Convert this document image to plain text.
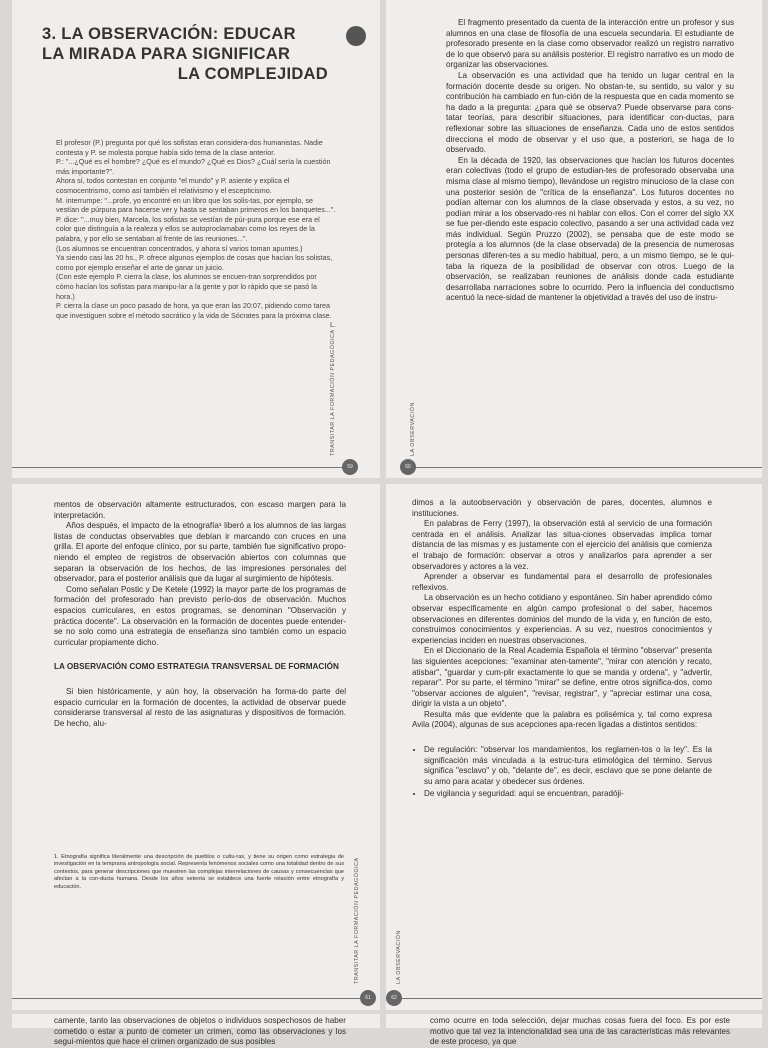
3. LA OBSERVACIÓN: EDUCAR
LA MIRADA PARA SIGNIFICAR
LA COMPLEJIDAD

El profesor (P.) pregunta por qué los sofistas eran considera-dos humanistas. Nadie contesta y P. se molesta porque había sido tema de la clase anterior.

P.: "...¿Qué es el hombre? ¿Qué es el mundo? ¿Qué es Dios? ¿Cuál sería la cuestión más importante?".

Ahora sí, todos contestan en conjunto "el mundo" y P. asiente y explica el cosmocentrismo, como así también el relativismo y el escepticismo.

M. interrumpe: "...profe, yo encontré en un libro que los solis-tas, por ejemplo, se vestían de púrpura para hacerse ver y hasta se sentaban primeros en los banquetes...".

P. dice: "...muy bien, Marcela, los sofistas se vestían de púr-pura porque ese era el color que distinguía a la realeza y ellos se autoproclamaban como los reyes de la palabra, y por ello se sentaban al frente de las reuniones...".

(Los alumnos se encuentran concentrados, y ahora sí varios toman apuntes.)

Ya siendo casi las 20 hs., P. ofrece algunos ejemplos de cosas que hacían los solistas, como por ejemplo enseñar el arte de ganar un juicio.

(Con este ejemplo P. cierra la clase, los alumnos se encuen-tran sorprendidos por cómo hacían los sofistas para manipu-lar a la gente y por lo rápido que se pasó la hora.)

P. cierra la clase un poco pasado de hora, ya que eran las 20:07, pidiendo como tarea que investiguen sobre el método socrático y la vida de Sócrates para la próxima clase.

L.

TRANSITAR LA FORMACIÓN PEDAGÓGICA
59

El fragmento presentado da cuenta de la interacción entre un profesor y sus alumnos en una clase de filosofía de una escuela secundaria. El estudiante de profesorado presente en la clase como observador realizó un registro narrativo de lo que observó para su análisis posterior. El registro narrativo es un modo de organizar las observaciones.

La observación es una actividad que ha tenido un lugar central en la formación docente desde su origen. No obstan-te, su sentido, su valor y su contribución ha cambiado en fun-ción de la respuesta que en cada momento se ha dado a la pregunta: ¿para qué se observa? Puede observarse para cons-tatar teorías, para describir situaciones, para identificar con-ductas, para reflexionar sobre las situaciones de enseñanza. Cada uno de estos sentidos direcciona el modo de observar y el uso que, a posteriori, se haga de lo observado.

En la década de 1920, las observaciones que hacían los futuros docentes eran colectivas (todo el grupo de estudian-tes de profesorado observaba una misma clase al mismo tiempo), llevándose un registro minucioso de la clase con una posterior sesión de "crítica de la enseñanza". Los futuros docentes no podían alternar con los alumnos de la clase observada y estos, a su vez, no podían mirar a los observado-res ni hablar con ellos. Con el correr del siglo XX se fue per-diendo este espacio colectivo, pasando a ser una actividad cada vez más individual. Según Pruzzo (2002), se pensaba que de este modo se protegía a los alumnos (de la clase observada) de la presencia de numerosas personas diferen-tes a su medio habitual, pero, a un mismo tiempo, se le qui-taba la riqueza de la posibilidad de observar con otros. Luego de la observación, se realizaban reuniones de análisis donde cada estudiante desarrollaba narraciones sobre lo ocurrido. Pero la influencia del conductismo acentuó la nece-sidad de mantener la objetividad a través del uso de instru-

LA OBSERVACIÓN
60

mentos de observación altamente estructurados, con escaso margen para la interpretación.

Años después, el impacto de la etnografía¹ liberó a los alumnos de las largas listas de conductas observables que debían ir marcando con cruces en una grilla. El aporte del enfoque clínico, por su parte, también fue significativo propo-niendo el empleo de registros de observación abiertos con columnas que separan la observación de los hechos, de las impresiones personales del observador, para el posterior análisis que da lugar al surgimiento de hipótesis.

Como señalan Postic y De Ketele (1992) la mayor parte de los programas de formación del profesorado han previsto perío-dos de observación. Muchos espacios curriculares, en estos programas, se denominan "Observación y práctica docente". La observación en la formación de docentes puede entender-se no solo como una estrategia de enseñanza sino también como un espacio curricular propiamente dicho.

LA OBSERVACIÓN COMO ESTRATEGIA TRANSVERSAL DE FORMACIÓN

Si bien históricamente, y aún hoy, la observación ha forma-do parte del espacio curricular en la formación de docentes, la actividad de observar puede considerarse transversal al resto de las asignaturas y dispositivos de formación. De hecho, alu-

1. Etnografía significa literalmente una descripción de pueblos o cultu-ras, y tiene su origen como estrategia de investigación en la temprana antropología social. Representa fenómenos sociales como una totalidad dentro de sus contextos, para generar descripciones que muestren las complejas interrelaciones de causas y consecuencias que afectan a la con-ducta humana. Desde los años setenta se establece una fuerte relación entre etnografía y educación.	TRANSITAR LA FORMACIÓN PEDAGÓGICA
61

dimos a la autoobservación y observación de pares, docentes, alumnos e instituciones.

En palabras de Ferry (1997), la observación está al servicio de una formación centrada en el análisis. Analizar las situa-ciones observadas implica tomar distancia de las mismas y es justamente con el ejercicio del análisis que comienza el trabajo de formación: observar a otros y analizarlos para aprender a ser observadores y actores a la vez.

Aprender a observar es fundamental para el desarrollo de profesionales reflexivos.

La observación es un hecho cotidiano y espontáneo. Sin haber aprendido cómo observar específicamente en algún campo profesional o del saber, hacemos observaciones en diferentes dominios del mundo de la vida y, en función de esto, construimos conocimientos y experiencias. A su vez, nuestros conocimientos y experiencias inciden en nuestras observaciones.

En el Diccionario de la Real Academia Española el término "observar" presenta las siguientes acepciones: "examinar aten-tamente", "mirar con atención y recato, atisbar", "guardar y cum-plir exactamente lo que se manda y ordena", y "advertir, reparar". Por su parte, el término "mirar" se define, entre otros significa-dos, como "observar acciones de alguien", "revisar, registrar", y "apreciar estimar una cosa, dirigir la vista a un objeto".

Resulta más que evidente que la palabra es polisémica y, tal como expresa Avila (2004), algunas de sus acepciones apa-recen ligadas a distintos sentidos:

• De regulación: "observar los mandamientos, los reglamen-tos o la ley". Es la significación más vinculada a la estruc-tura etimológica del término. Servus significa "esclavo" y ob, "delante de", es decir, esclavo que se pone delante de su amo para acatar y obedecer sus órdenes.
• De vigilancia y seguridad: aquí se encuentran, paradóji-
LA OBSERVACIÓN
62

camente, tanto las observaciones de objetos o individuos sospechosos de haber cometido o estar a punto de cometer un crimen, como las observaciones y los segui-mientos que hace el crimen organizado de sus posibles

como ocurre en toda selección, dejar muchas cosas fuera del foco. Es por este motivo que tal vez la intencionalidad sea una de las características más relevantes de este proceso, ya que
